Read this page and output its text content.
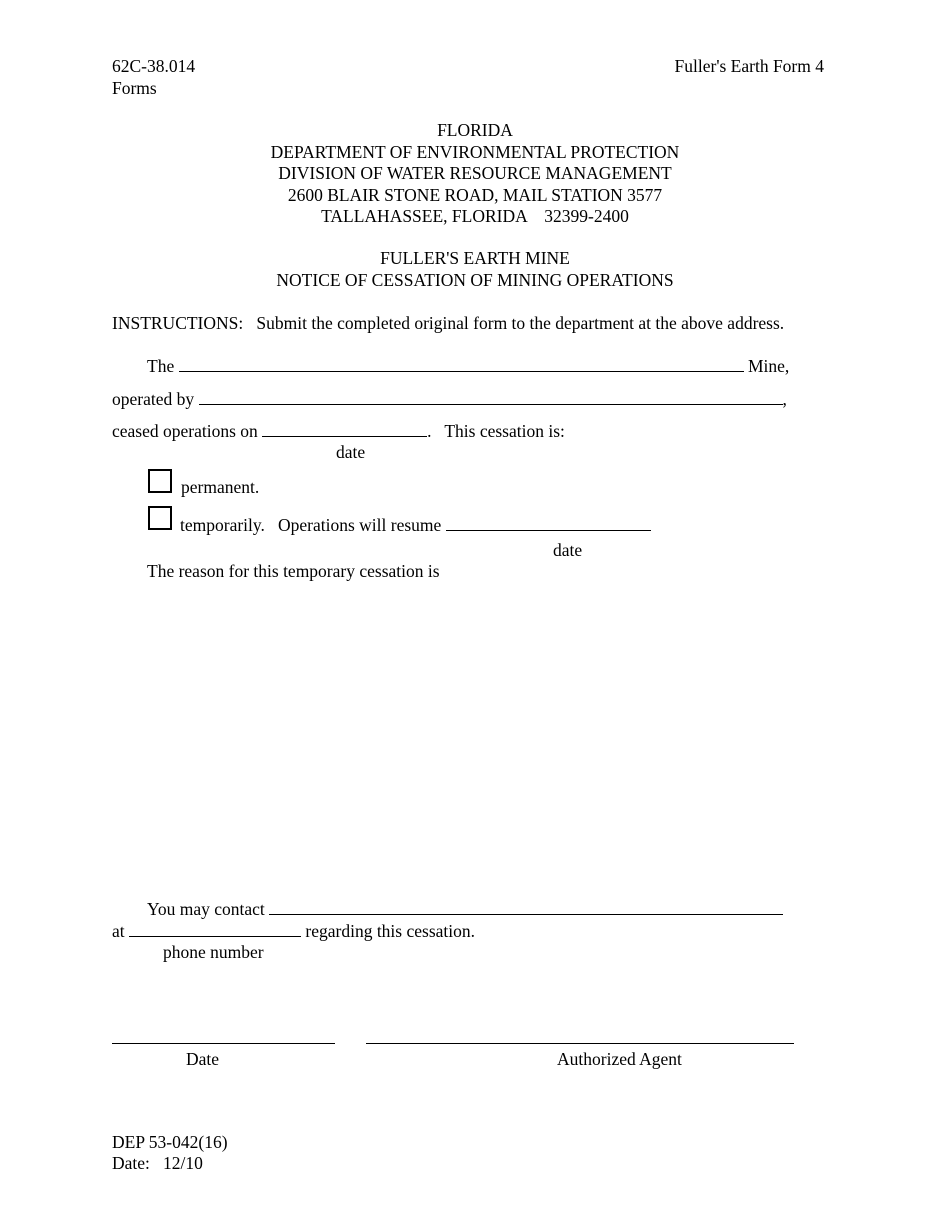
62C-38.014
Forms
Fuller's Earth Form 4
FLORIDA
DEPARTMENT OF ENVIRONMENTAL PROTECTION
DIVISION OF WATER RESOURCE MANAGEMENT
2600 BLAIR STONE ROAD, MAIL STATION 3577
TALLAHASSEE, FLORIDA    32399-2400
FULLER'S EARTH MINE
NOTICE OF CESSATION OF MINING OPERATIONS
INSTRUCTIONS: Submit the completed original form to the department at the above address.
The	Mine,
operated by	,
ceased operations on	.   This cessation is:
date
permanent.
temporarily.   Operations will resume
date
The reason for this temporary cessation is
You may contact
at	regarding this cessation.
phone number
Date	Authorized Agent
DEP 53-042(16)
Date: 12/10
